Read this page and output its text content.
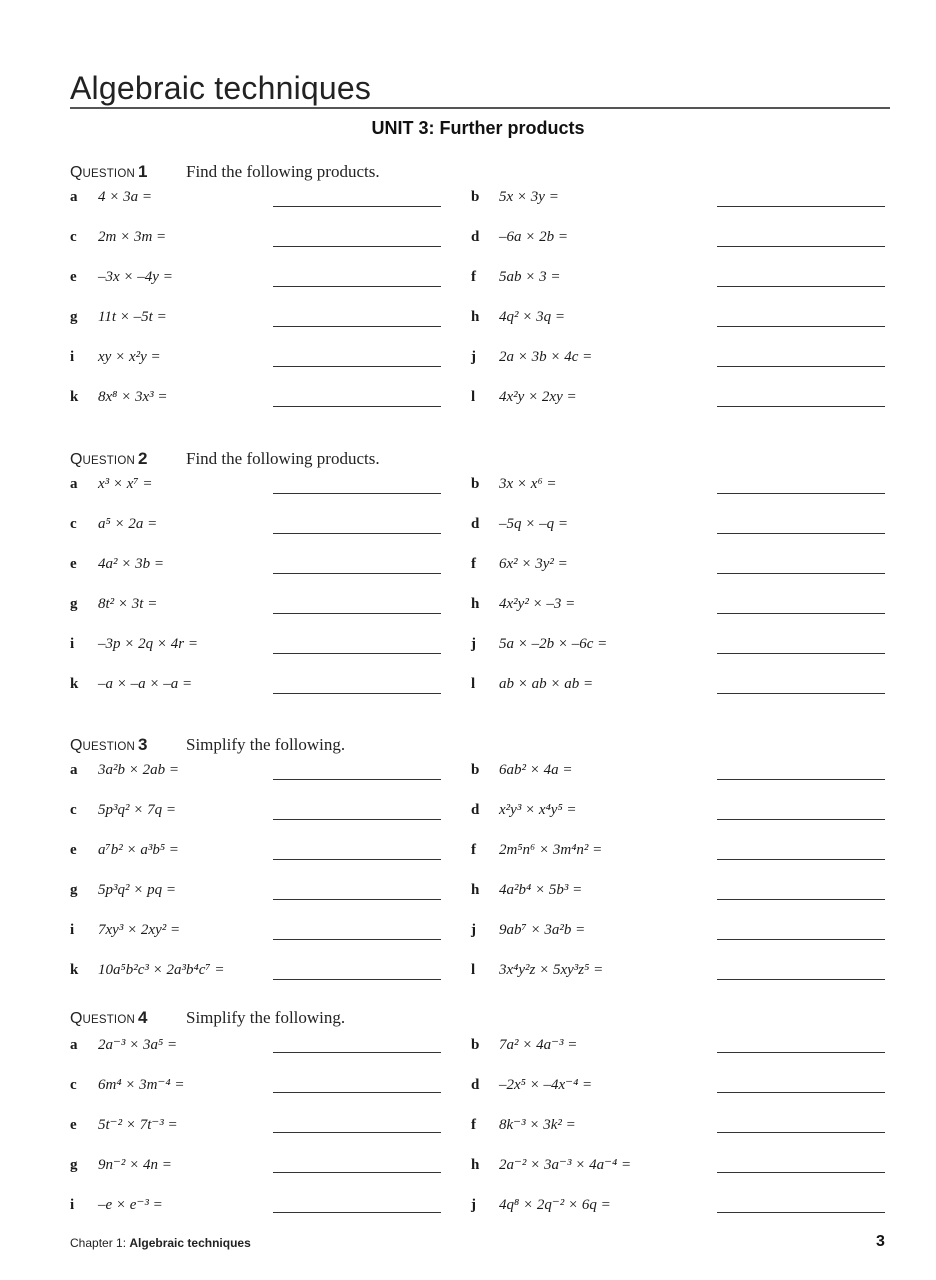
Algebraic techniques
UNIT 3: Further products
QUESTION 1 Find the following products.
a	4 × 3a =	b	5x × 3y =
c	2m × 3m =	d	–6a × 2b =
e	–3x × –4y =	f	5ab × 3 =
g	11t × –5t =	h	4q² × 3q =
i	xy × x²y =	j	2a × 3b × 4c =
k	8x⁸ × 3x³ =	l	4x²y × 2xy =
QUESTION 2 Find the following products.
a	x³ × x⁷ =	b	3x × x⁶ =
c	a⁵ × 2a =	d	–5q × –q =
e	4a² × 3b =	f	6x² × 3y² =
g	8t² × 3t =	h	4x²y² × –3 =
i	–3p × 2q × 4r =	j	5a × –2b × –6c =
k	–a × –a × –a =	l	ab × ab × ab =
QUESTION 3 Simplify the following.
a	3a²b × 2ab =	b	6ab² × 4a =
c	5p³q² × 7q =	d	x²y³ × x⁴y⁵ =
e	a⁷b² × a³b⁵ =	f	2m⁵n⁶ × 3m⁴n² =
g	5p³q² × pq =	h	4a²b⁴ × 5b³ =
i	7xy³ × 2xy² =	j	9ab⁷ × 3a²b =
k	10a⁵b²c³ × 2a³b⁴c⁷ =	l	3x⁴y²z × 5xy³z⁵ =
QUESTION 4 Simplify the following.
a	2a⁻³ × 3a⁵ =	b	7a² × 4a⁻³ =
c	6m⁴ × 3m⁻⁴ =	d	–2x⁵ × –4x⁻⁴ =
e	5t⁻² × 7t⁻³ =	f	8k⁻³ × 3k² =
g	9n⁻² × 4n =	h	2a⁻² × 3a⁻³ × 4a⁻⁴ =
i	–e × e⁻³ =	j	4q⁸ × 2q⁻² × 6q =
Chapter 1: Algebraic techniques	3
